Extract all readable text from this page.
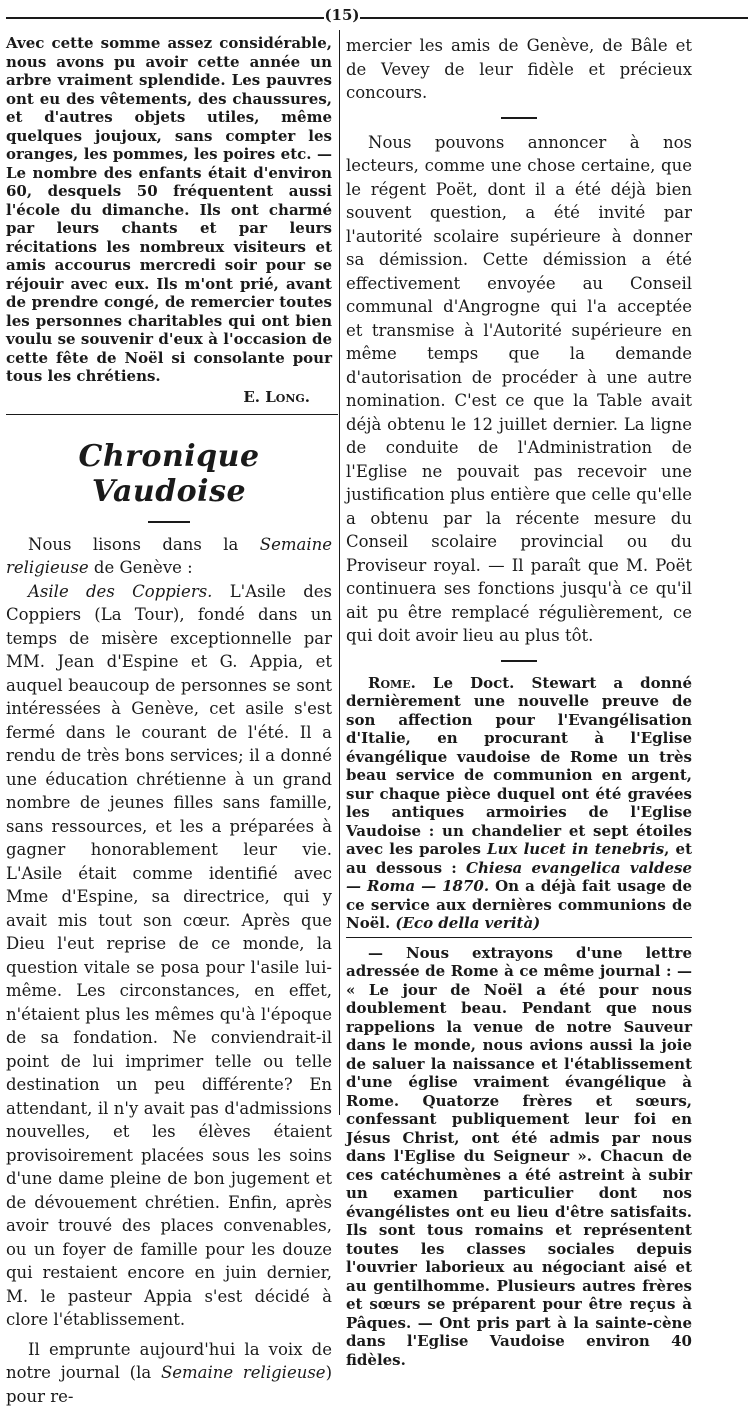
(15)

Avec cette somme assez considérable, nous avons pu avoir cette année un arbre vraiment splendide. Les pauvres ont eu des vêtements, des chaussures, et d'autres objets utiles, même quelques joujoux, sans compter les oranges, les pommes, les poires etc. — Le nombre des enfants était d'environ 60, desquels 50 fréquentent aussi l'école du dimanche. Ils ont charmé par leurs chants et par leurs récitations les nombreux visiteurs et amis accourus mercredi soir pour se réjouir avec eux. Ils m'ont prié, avant de prendre congé, de remercier toutes les personnes charitables qui ont bien voulu se souvenir d'eux à l'occasion de cette fête de Noël si consolante pour tous les chrétiens.

E. Long.
Chronique Vaudoise

Nous lisons dans la Semaine religieuse de Genève :

Asile des Coppiers. L'Asile des Coppiers (La Tour), fondé dans un temps de misère exceptionnelle par MM. Jean d'Espine et G. Appia, et auquel beaucoup de personnes se sont intéressées à Genève, cet asile s'est fermé dans le courant de l'été. Il a rendu de très bons services; il a donné une éducation chrétienne à un grand nombre de jeunes filles sans famille, sans ressources, et les a préparées à gagner honorablement leur vie. L'Asile était comme identifié avec Mme d'Espine, sa directrice, qui y avait mis tout son cœur. Après que Dieu l'eut reprise de ce monde, la question vitale se posa pour l'asile lui-même. Les circonstances, en effet, n'étaient plus les mêmes qu'à l'époque de sa fondation. Ne conviendrait-il point de lui imprimer telle ou telle destination un peu différente? En attendant, il n'y avait pas d'admissions nouvelles, et les élèves étaient provisoirement placées sous les soins d'une dame pleine de bon jugement et de dévouement chrétien. Enfin, après avoir trouvé des places convenables, ou un foyer de famille pour les douze qui restaient encore en juin dernier, M. le pasteur Appia s'est décidé à clore l'établissement.

Il emprunte aujourd'hui la voix de notre journal (la Semaine religieuse) pour re-

mercier les amis de Genève, de Bâle et de Vevey de leur fidèle et précieux concours.

Nous pouvons annoncer à nos lecteurs, comme une chose certaine, que le régent Poët, dont il a été déjà bien souvent question, a été invité par l'autorité scolaire supérieure à donner sa démission. Cette démission a été effectivement envoyée au Conseil communal d'Angrogne qui l'a acceptée et transmise à l'Autorité supérieure en même temps que la demande d'autorisation de procéder à une autre nomination. C'est ce que la Table avait déjà obtenu le 12 juillet dernier. La ligne de conduite de l'Administration de l'Eglise ne pouvait pas recevoir une justification plus entière que celle qu'elle a obtenu par la récente mesure du Conseil scolaire provincial ou du Proviseur royal. — Il paraît que M. Poët continuera ses fonctions jusqu'à ce qu'il ait pu être remplacé régulièrement, ce qui doit avoir lieu au plus tôt.

Rome. Le Doct. Stewart a donné dernièrement une nouvelle preuve de son affection pour l'Evangélisation d'Italie, en procurant à l'Eglise évangélique vaudoise de Rome un très beau service de communion en argent, sur chaque pièce duquel ont été gravées les antiques armoiries de l'Eglise Vaudoise : un chandelier et sept étoiles avec les paroles Lux lucet in tenebris, et au dessous : Chiesa evangelica valdese — Roma — 1870. On a déjà fait usage de ce service aux dernières communions de Noël. (Eco della verità)

— Nous extrayons d'une lettre adressée de Rome à ce même journal : — « Le jour de Noël a été pour nous doublement beau. Pendant que nous rappelions la venue de notre Sauveur dans le monde, nous avions aussi la joie de saluer la naissance et l'établissement d'une église vraiment évangélique à Rome. Quatorze frères et sœurs, confessant publiquement leur foi en Jésus Christ, ont été admis par nous dans l'Eglise du Seigneur ». Chacun de ces catéchumènes a été astreint à subir un examen particulier dont nos évangélistes ont eu lieu d'être satisfaits. Ils sont tous romains et représentent toutes les classes sociales depuis l'ouvrier laborieux au négociant aisé et au gentilhomme. Plusieurs autres frères et sœurs se préparent pour être reçus à Pâques. — Ont pris part à la sainte-cène dans l'Eglise Vaudoise environ 40 fidèles.
